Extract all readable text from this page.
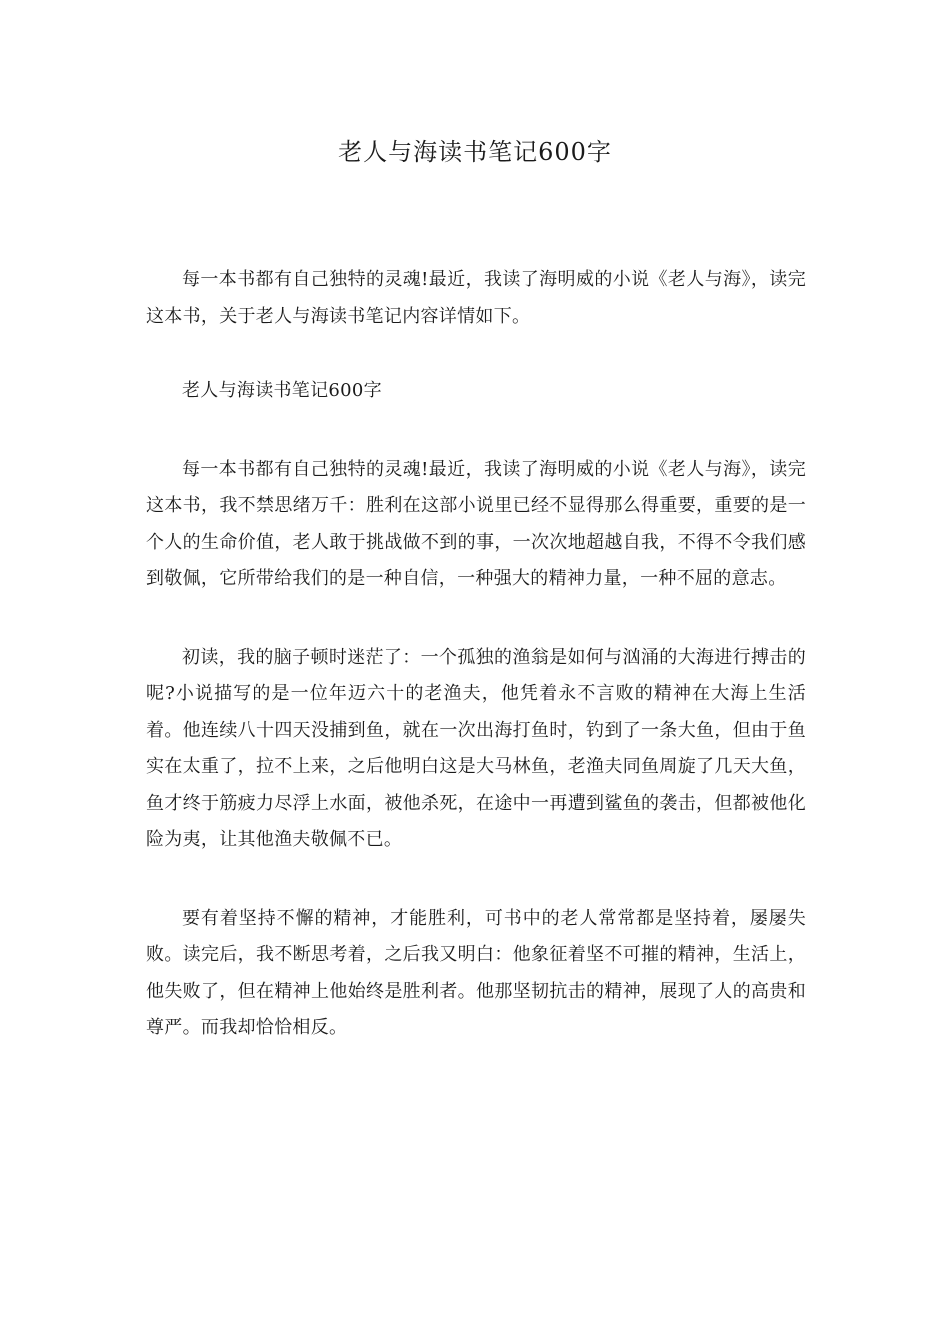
老人与海读书笔记600字

每一本书都有自己独特的灵魂!最近，我读了海明威的小说《老人与海》，读完这本书，关于老人与海读书笔记内容详情如下。

老人与海读书笔记600字

每一本书都有自己独特的灵魂!最近，我读了海明威的小说《老人与海》，读完这本书，我不禁思绪万千：胜利在这部小说里已经不显得那么得重要，重要的是一个人的生命价值，老人敢于挑战做不到的事，一次次地超越自我，不得不令我们感到敬佩，它所带给我们的是一种自信，一种强大的精神力量，一种不屈的意志。

初读，我的脑子顿时迷茫了：一个孤独的渔翁是如何与汹涌的大海进行搏击的呢?小说描写的是一位年迈六十的老渔夫，他凭着永不言败的精神在大海上生活着。他连续八十四天没捕到鱼，就在一次出海打鱼时，钓到了一条大鱼，但由于鱼实在太重了，拉不上来，之后他明白这是大马林鱼，老渔夫同鱼周旋了几天大鱼，鱼才终于筋疲力尽浮上水面，被他杀死，在途中一再遭到鲨鱼的袭击，但都被他化险为夷，让其他渔夫敬佩不已。

要有着坚持不懈的精神，才能胜利，可书中的老人常常都是坚持着，屡屡失败。读完后，我不断思考着，之后我又明白：他象征着坚不可摧的精神，生活上，他失败了，但在精神上他始终是胜利者。他那坚韧抗击的精神，展现了人的高贵和尊严。而我却恰恰相反。
